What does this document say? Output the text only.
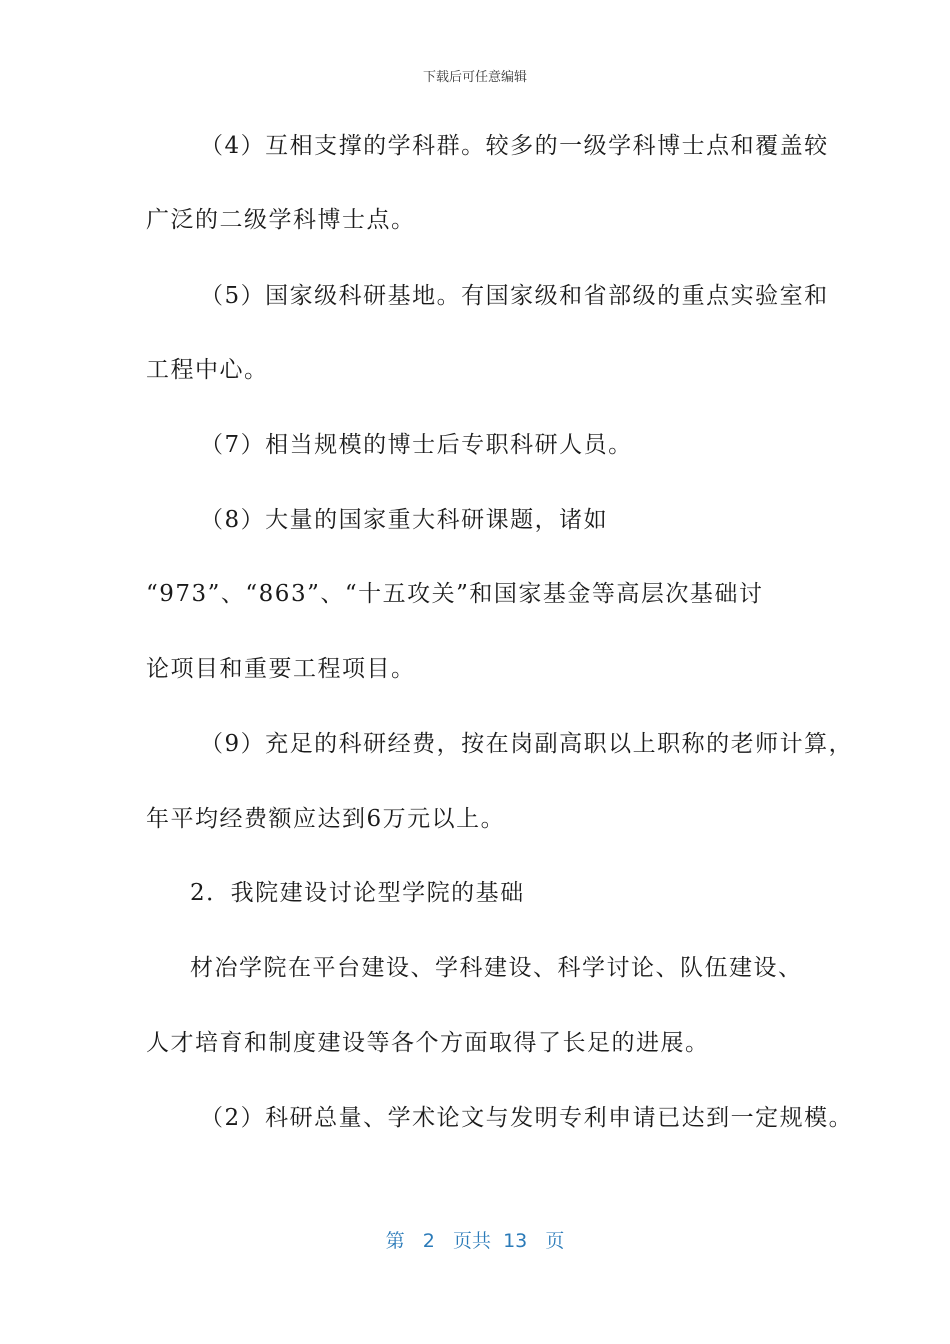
下载后可任意编辑
（4）互相支撑的学科群。较多的一级学科博士点和覆盖较
广泛的二级学科博士点。
（5）国家级科研基地。有国家级和省部级的重点实验室和
工程中心。
（7）相当规模的博士后专职科研人员。
（8）大量的国家重大科研课题，诸如
“973”、“863”、“十五攻关”和国家基金等高层次基础讨
论项目和重要工程项目。
（9）充足的科研经费，按在岗副高职以上职称的老师计算，
年平均经费额应达到6万元以上。
2．我院建设讨论型学院的基础
材冶学院在平台建设、学科建设、科学讨论、队伍建设、
人才培育和制度建设等各个方面取得了长足的进展。
（2）科研总量、学术论文与发明专利申请已达到一定规模。
第 2 页共 13 页
